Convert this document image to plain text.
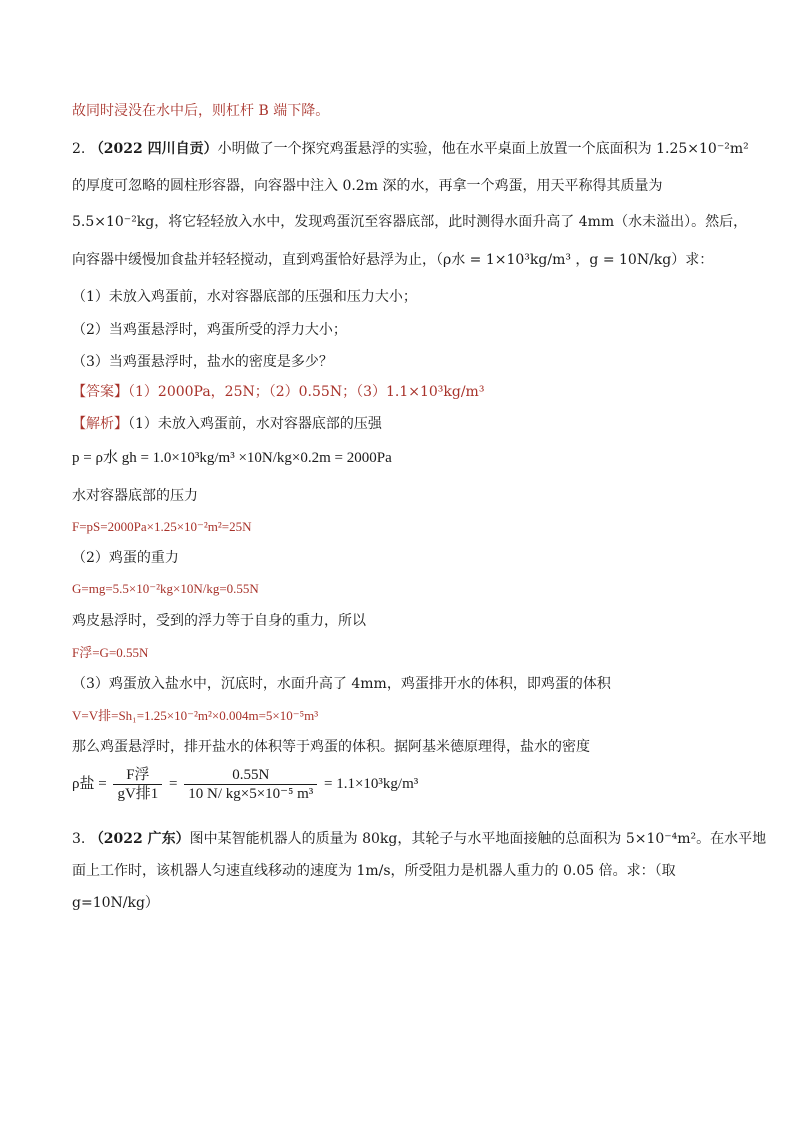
故同时浸没在水中后，则杠杆 B 端下降。
2. （2022 四川自贡）小明做了一个探究鸡蛋悬浮的实验，他在水平桌面上放置一个底面积为 1.25×10⁻²m²
的厚度可忽略的圆柱形容器，向容器中注入 0.2m 深的水，再拿一个鸡蛋，用天平称得其质量为
5.5×10⁻²kg，将它轻轻放入水中，发现鸡蛋沉至容器底部，此时测得水面升高了 4mm（水未溢出）。然后，
向容器中缓慢加食盐并轻轻搅动，直到鸡蛋恰好悬浮为止，（ρ水 = 1×10³kg/m³ ，g = 10N/kg）求：
（1）未放入鸡蛋前，水对容器底部的压强和压力大小；
（2）当鸡蛋悬浮时，鸡蛋所受的浮力大小；
（3）当鸡蛋悬浮时，盐水的密度是多少？
【答案】（1）2000Pa，25N；（2）0.55N；（3）1.1×10³kg/m³
【解析】（1）未放入鸡蛋前，水对容器底部的压强
p = ρ水 gh = 1.0×10³kg/m³ ×10N/kg×0.2m = 2000Pa
水对容器底部的压力
F=pS=2000Pa×1.25×10⁻²m²=25N
（2）鸡蛋的重力
G=mg=5.5×10⁻²kg×10N/kg=0.55N
鸡皮悬浮时，受到的浮力等于自身的重力，所以
F浮=G=0.55N
（3）鸡蛋放入盐水中，沉底时，水面升高了 4mm，鸡蛋排开水的体积，即鸡蛋的体积
V=V排=Sh₁=1.25×10⁻²m²×0.004m=5×10⁻⁵m³
那么鸡蛋悬浮时，排开盐水的体积等于鸡蛋的体积。据阿基米德原理得，盐水的密度
ρ盐 = $\frac{\text{F浮}}{\text{gV排1}} = \frac{0.55N}{\text{10 N/ kg×5×10⁻⁵ m³}} = 1.1\times 10^3kg/m^3$
3. （2022 广东）图中某智能机器人的质量为 80kg，其轮子与水平地面接触的总面积为 5×10⁻⁴m²。在水平地
面上工作时，该机器人匀速直线移动的速度为 1m/s，所受阻力是机器人重力的 0.05 倍。求：（取
g=10N/kg）
